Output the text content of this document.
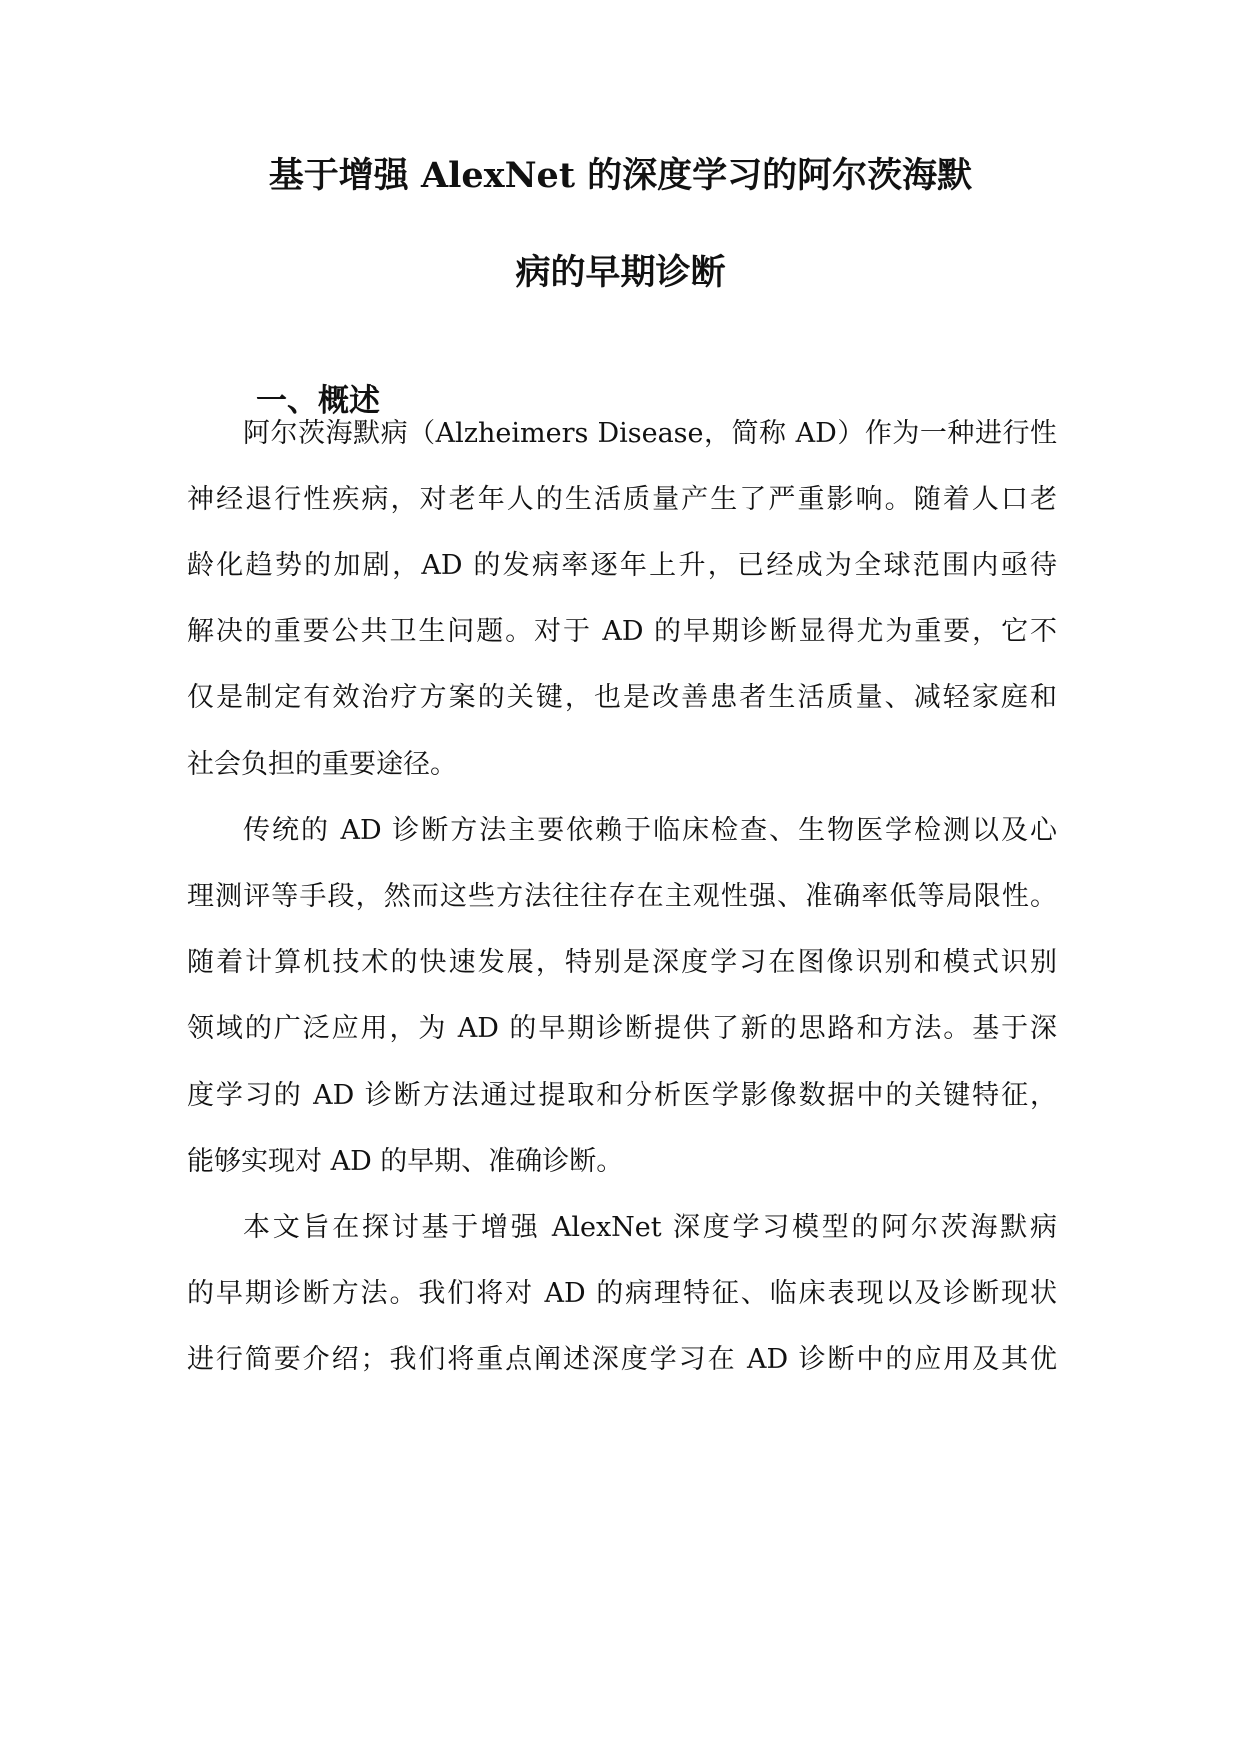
基于增强 AlexNet 的深度学习的阿尔茨海默
病的早期诊断
一、概述
阿尔茨海默病（Alzheimers Disease，简称 AD）作为一种进行性
神经退行性疾病，对老年人的生活质量产生了严重影响。随着人口老
龄化趋势的加剧，AD 的发病率逐年上升，已经成为全球范围内亟待
解决的重要公共卫生问题。对于 AD 的早期诊断显得尤为重要，它不
仅是制定有效治疗方案的关键，也是改善患者生活质量、减轻家庭和
社会负担的重要途径。
传统的 AD 诊断方法主要依赖于临床检查、生物医学检测以及心
理测评等手段，然而这些方法往往存在主观性强、准确率低等局限性。
随着计算机技术的快速发展，特别是深度学习在图像识别和模式识别
领域的广泛应用，为 AD 的早期诊断提供了新的思路和方法。基于深
度学习的 AD 诊断方法通过提取和分析医学影像数据中的关键特征，
能够实现对 AD 的早期、准确诊断。
本文旨在探讨基于增强 AlexNet 深度学习模型的阿尔茨海默病
的早期诊断方法。我们将对 AD 的病理特征、临床表现以及诊断现状
进行简要介绍；我们将重点阐述深度学习在 AD 诊断中的应用及其优
